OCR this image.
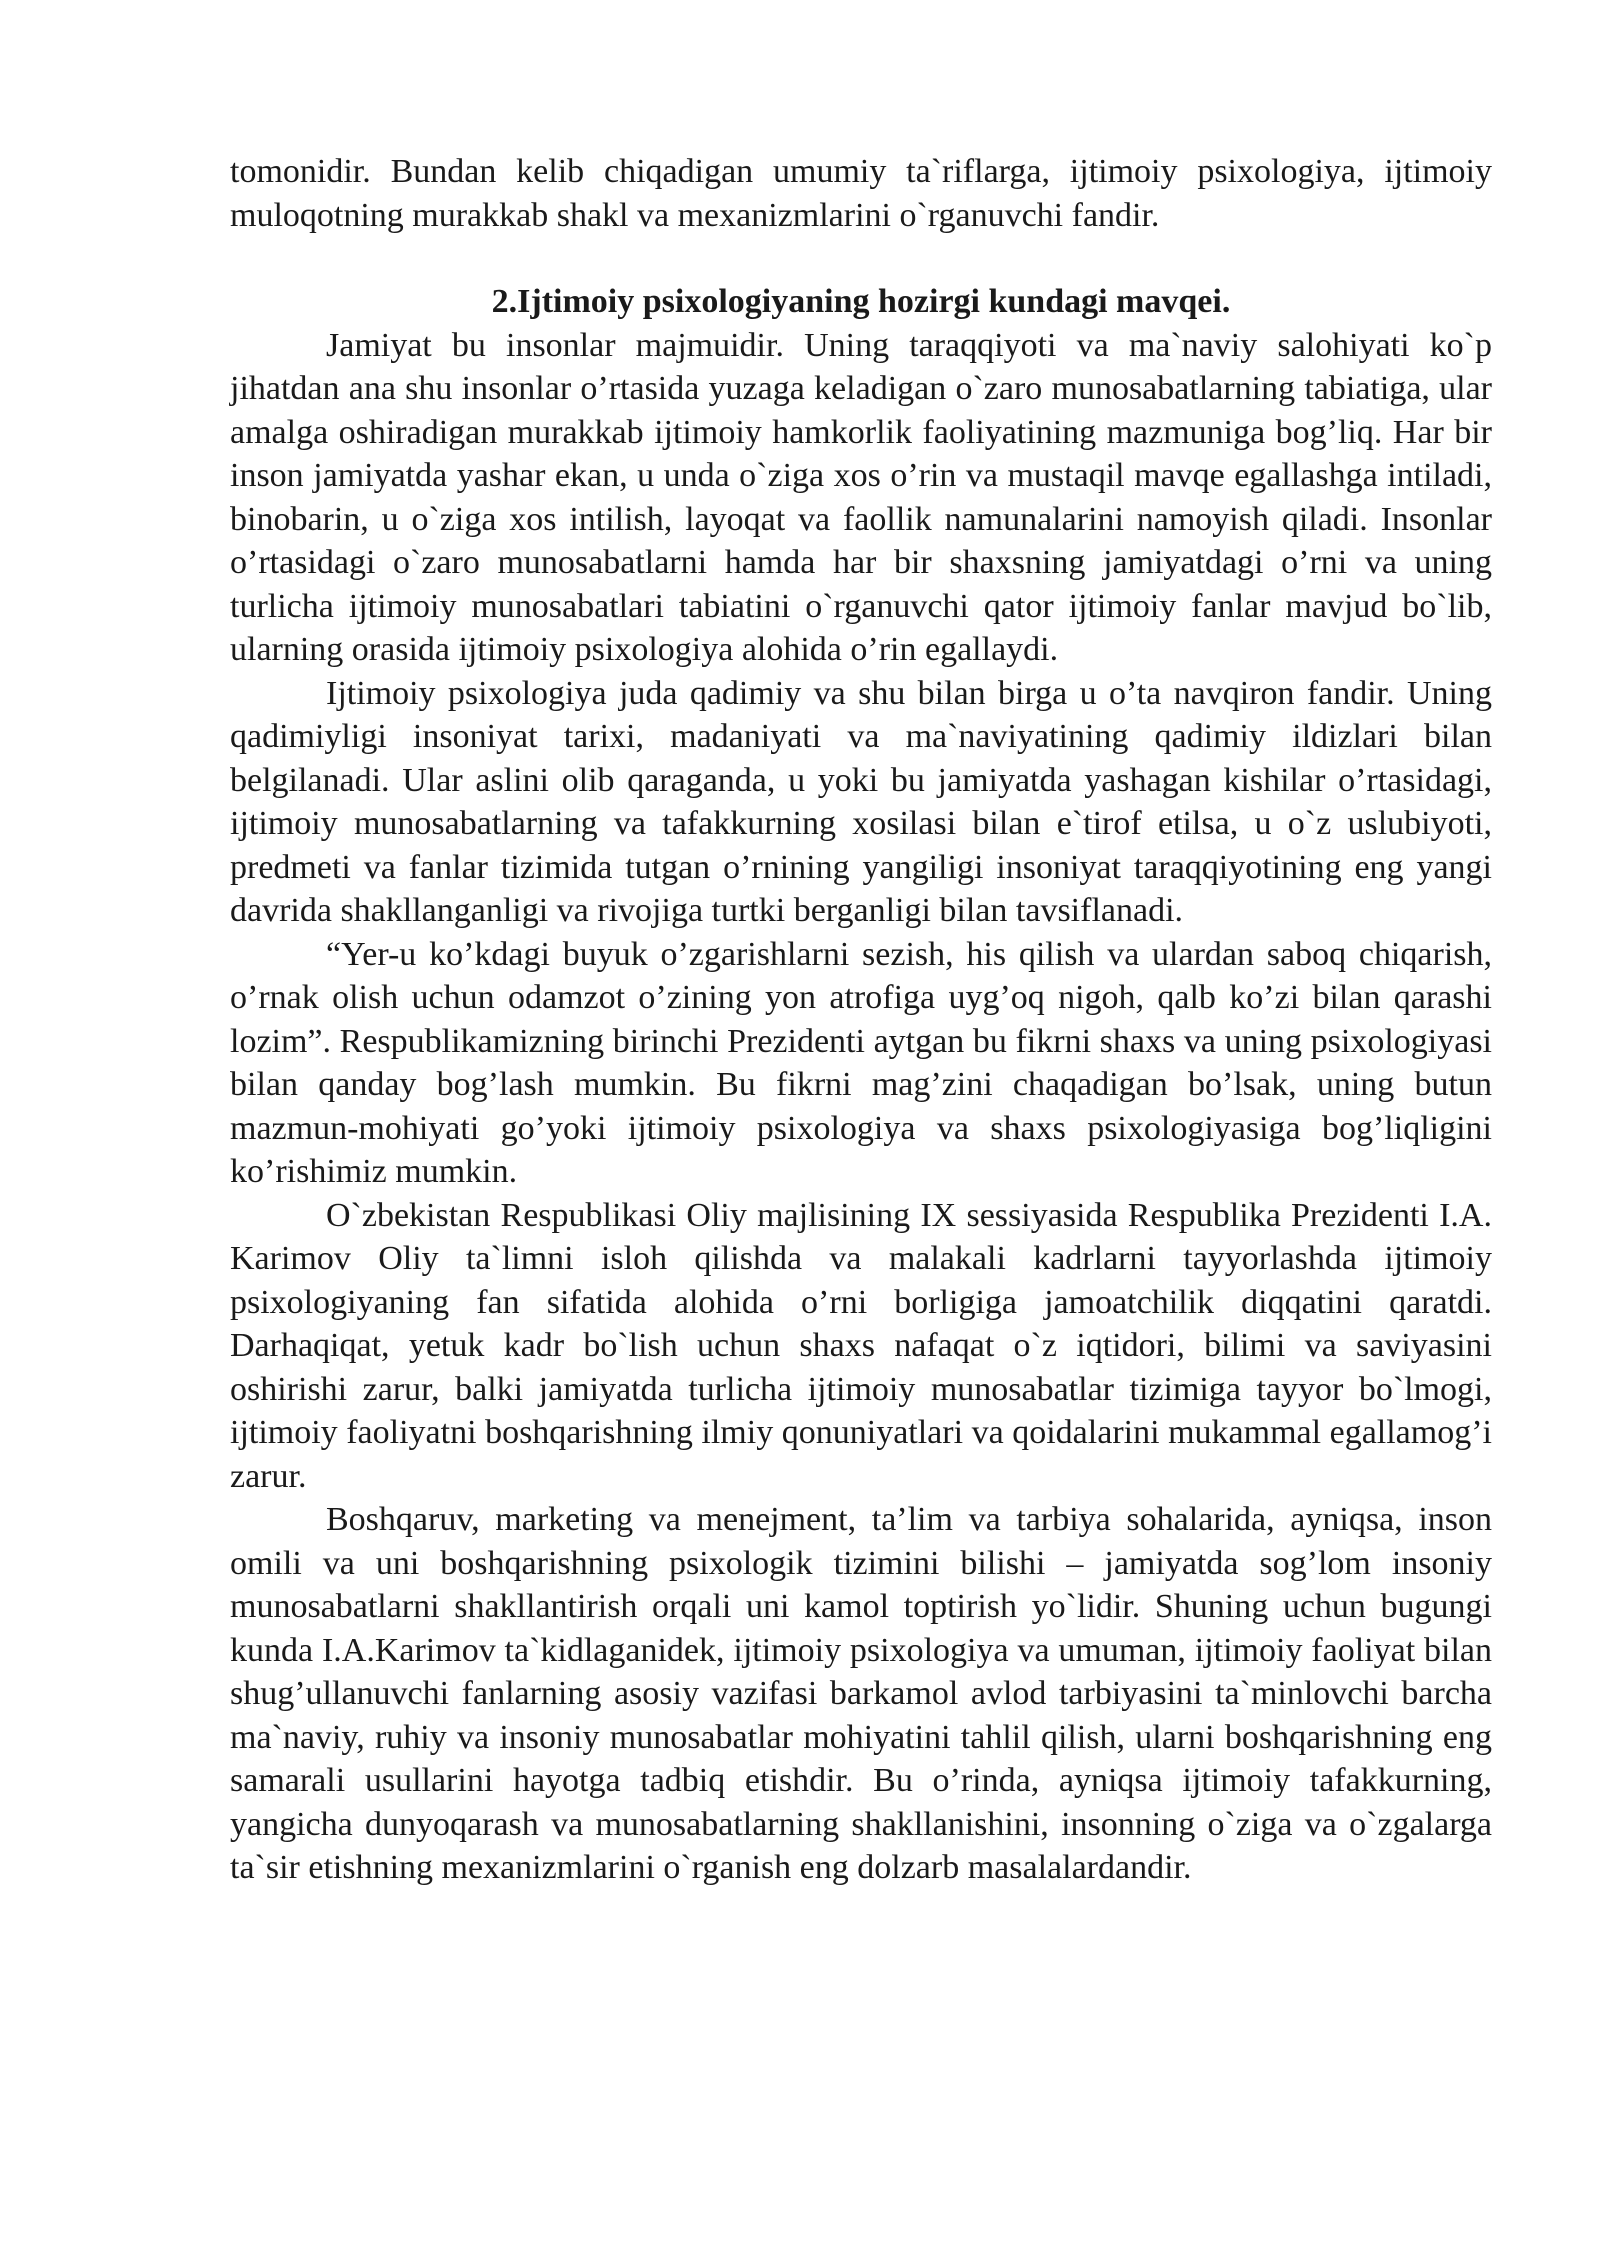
tomonidir. Bundan kelib chiqadigan umumiy ta`riflarga, ijtimoiy psixologiya, ijtimoiy muloqotning murakkab shakl va mexanizmlarini o`rganuvchi fandir.

2.Ijtimoiy psixologiyaning hozirgi kundagi mavqei.

Jamiyat bu insonlar majmuidir. Uning taraqqiyoti va ma`naviy salohiyati ko`p jihatdan ana shu insonlar o’rtasida yuzaga keladigan o`zaro munosabatlarning tabiatiga, ular amalga oshiradigan murakkab ijtimoiy hamkorlik faoliyatining mazmuniga bog’liq. Har bir inson jamiyatda yashar ekan, u unda o`ziga xos o’rin va mustaqil mavqe egallashga intiladi, binobarin, u o`ziga xos intilish, layoqat va faollik namunalarini namoyish qiladi. Insonlar o’rtasidagi o`zaro munosabatlarni hamda har bir shaxsning jamiyatdagi o’rni va uning turlicha ijtimoiy munosabatlari tabiatini o`rganuvchi qator ijtimoiy fanlar mavjud bo`lib, ularning orasida ijtimoiy psixologiya alohida o’rin egallaydi.

Ijtimoiy psixologiya juda qadimiy va shu bilan birga u o’ta navqiron fandir. Uning qadimiyligi insoniyat tarixi, madaniyati va ma`naviyatining qadimiy ildizlari bilan belgilanadi. Ular aslini olib qaraganda, u yoki bu jamiyatda yashagan kishilar o’rtasidagi, ijtimoiy munosabatlarning va tafakkurning xosilasi bilan e`tirof etilsa, u o`z uslubiyoti, predmeti va fanlar tizimida tutgan o’rnining yangiligi insoniyat taraqqiyotining eng yangi davrida shakllanganligi va rivojiga turtki berganligi bilan tavsiflanadi.

“Yer-u ko’kdagi buyuk o’zgarishlarni sezish, his qilish va ulardan saboq chiqarish, o’rnak olish uchun odamzot o’zining yon atrofiga uyg’oq nigoh, qalb ko’zi bilan qarashi lozim”. Respublikamizning birinchi Prezidenti aytgan bu fikrni shaxs va uning psixologiyasi bilan qanday bog’lash mumkin. Bu fikrni mag’zini chaqadigan bo’lsak, uning butun mazmun-mohiyati go’yoki ijtimoiy psixologiya va shaxs psixologiyasiga bog’liqligini ko’rishimiz mumkin.

O`zbekistan Respublikasi Oliy majlisining IX sessiyasida Respublika Prezidenti I.A. Karimov Oliy ta`limni isloh qilishda va malakali kadrlarni tayyorlashda ijtimoiy psixologiyaning fan sifatida alohida o’rni borligiga jamoatchilik diqqatini qaratdi. Darhaqiqat, yetuk kadr bo`lish uchun shaxs nafaqat o`z iqtidori, bilimi va saviyasini oshirishi zarur, balki jamiyatda turlicha ijtimoiy munosabatlar tizimiga tayyor bo`lmogi, ijtimoiy faoliyatni boshqarishning ilmiy qonuniyatlari va qoidalarini mukammal egallamog’i zarur.

Boshqaruv, marketing va menejment, ta’lim va tarbiya sohalarida, ayniqsa, inson omili va uni boshqarishning psixologik tizimini bilishi – jamiyatda sog’lom insoniy munosabatlarni shakllantirish orqali uni kamol toptirish yo`lidir. Shuning uchun bugungi kunda I.A.Karimov ta`kidlaganidek, ijtimoiy psixologiya va umuman, ijtimoiy faoliyat bilan shug’ullanuvchi fanlarning asosiy vazifasi barkamol avlod tarbiyasini ta`minlovchi barcha ma`naviy, ruhiy va insoniy munosabatlar mohiyatini tahlil qilish, ularni boshqarishning eng samarali usullarini hayotga tadbiq etishdir. Bu o’rinda, ayniqsa ijtimoiy tafakkurning, yangicha dunyoqarash va munosabatlarning shakllanishini, insonning o`ziga va o`zgalarga ta`sir etishning mexanizmlarini o`rganish eng dolzarb masalalardandir.
